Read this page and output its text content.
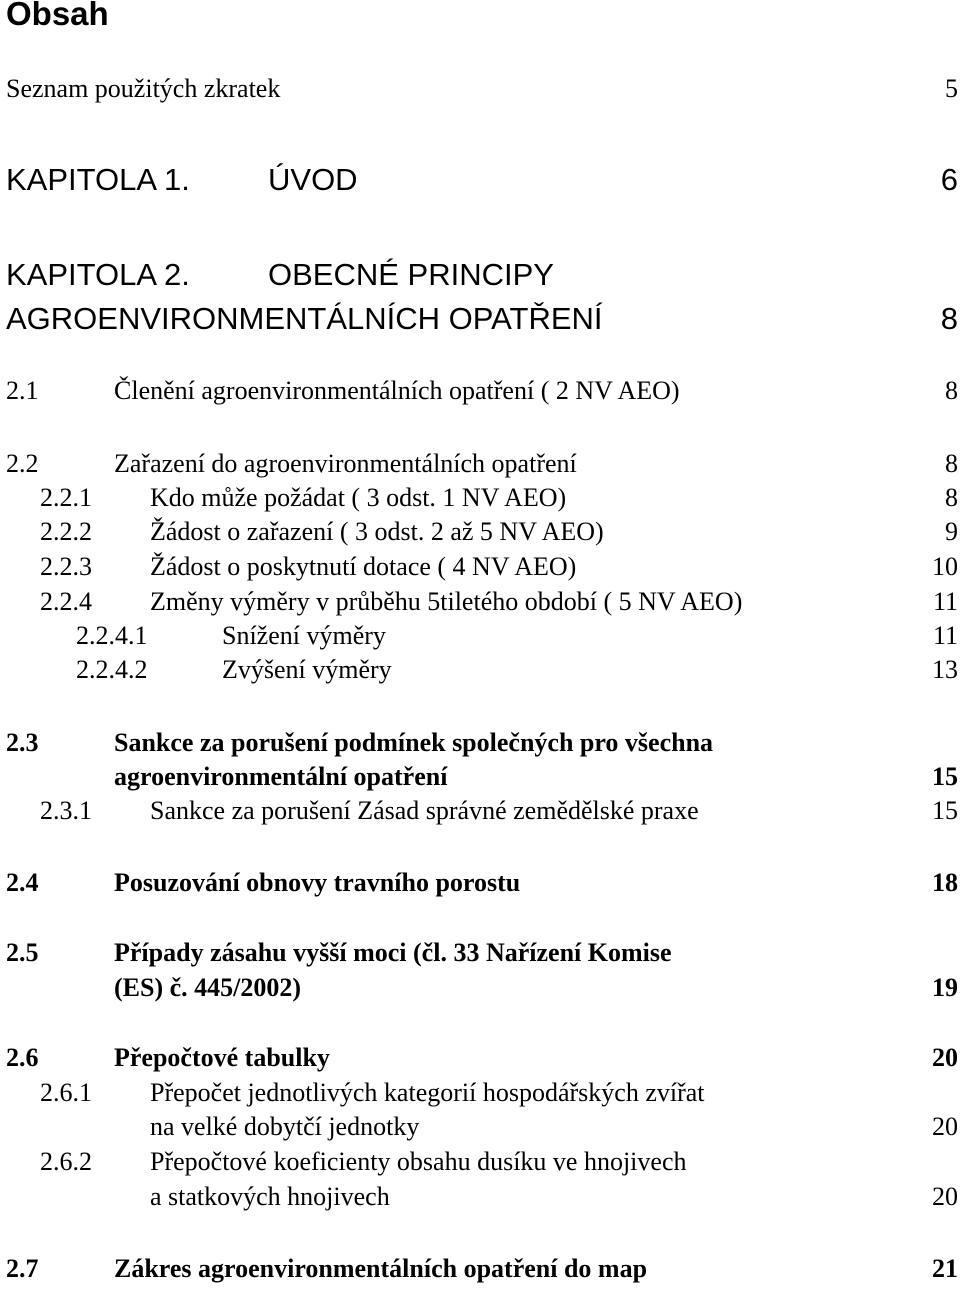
Obsah
Seznam použitých zkratek	5
KAPITOLA 1.	ÚVOD	6
KAPITOLA 2.	OBECNÉ PRINCIPY
AGROENVIRONMENTÁLNÍCH OPATŘENÍ	8
2.1	Členění agroenvironmentálních opatření ( 2 NV AEO)	8
2.2	Zařazení do agroenvironmentálních opatření	8
2.2.1 Kdo může požádat ( 3 odst. 1 NV AEO)	8
2.2.2 Žádost o zařazení ( 3 odst. 2 až 5 NV AEO)	9
2.2.3 Žádost o poskytnutí dotace ( 4 NV AEO)	10
2.2.4 Změny výměry v průběhu 5tiletého období ( 5 NV AEO)	11
2.2.4.1	Snížení výměry	11
2.2.4.2	Zvýšení výměry	13
2.3	Sankce za porušení podmínek společných pro všechna
agroenvironmentální opatření	15
2.3.1 Sankce za porušení Zásad správné zemědělské praxe	15
2.4	Posuzování obnovy travního porostu	18
2.5	Případy zásahu vyšší moci (čl. 33 Nařízení Komise
(ES) č. 445/2002)	19
2.6	Přepočtové tabulky	20
2.6.1 Přepočet jednotlivých kategorií hospodářských zvířat
na velké dobytčí jednotky	20
2.6.2 Přepočtové koeficienty obsahu dusíku ve hnojivech
a statkových hnojivech	20
2.7	Zákres agroenvironmentálních opatření do map	21
